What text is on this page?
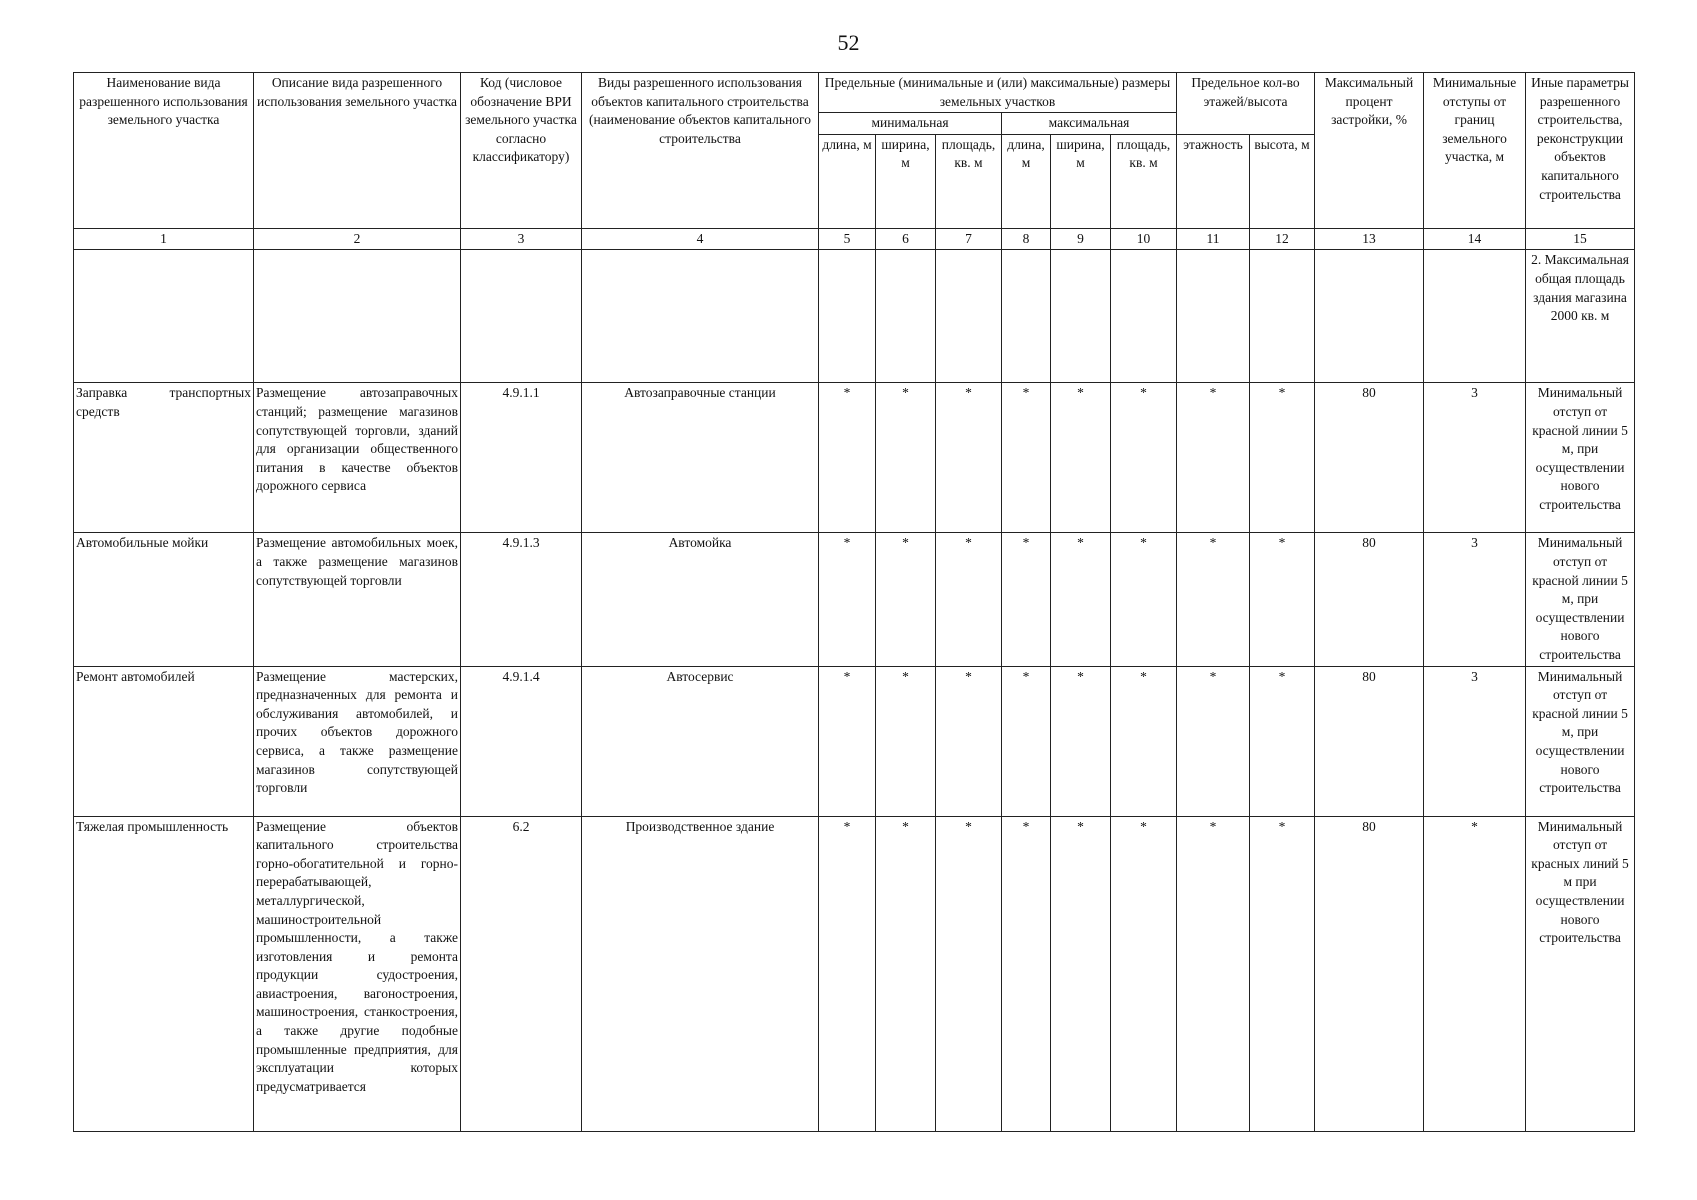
52
Наименование вида разрешенного использования земельного участка	Описание вида разрешенного использования земельного участка	Код (числовое обозначение ВРИ земельного участка согласно классификатору)	Виды разрешенного использования объектов капитального строительства (наименование объектов капитального строительства	Предельные (минимальные и (или) максимальные) размеры земельных участков						Предельное кол-во этажей/высота		Максимальный процент застройки, %	Минимальные отступы от границ земельного участка, м	Иные параметры разрешенного строительства, реконструкции объектов капитального строительства
				минимальная			максимальная							
				длина, м	ширина, м	площадь, кв. м	длина, м	ширина, м	площадь, кв. м	этажность	высота, м			
1	2	3	4	5	6	7	8	9	10	11	12	13	14	15
														2. Максимальная общая площадь здания магазина 2000 кв. м
Заправка транспортных средств	Размещение автозаправочных станций; размещение магазинов сопутствующей торговли, зданий для организации общественного питания в качестве объектов дорожного сервиса	4.9.1.1	Автозаправочные станции	*	*	*	*	*	*	*	*	80	3	Минимальный отступ от красной линии 5 м, при осуществлении нового строительства
Автомобильные мойки	Размещение автомобильных моек, а также размещение магазинов сопутствующей торговли	4.9.1.3	Автомойка	*	*	*	*	*	*	*	*	80	3	Минимальный отступ от красной линии 5 м, при осуществлении нового строительства
Ремонт автомобилей	Размещение мастерских, предназначенных для ремонта и обслуживания автомобилей, и прочих объектов дорожного сервиса, а также размещение магазинов сопутствующей торговли	4.9.1.4	Автосервис	*	*	*	*	*	*	*	*	80	3	Минимальный отступ от красной линии 5 м, при осуществлении нового строительства
Тяжелая промышленность	Размещение объектов капитального строительства горно-обогатительной и горно-перерабатывающей, металлургической, машиностроительной промышленности, а также изготовления и ремонта продукции судостроения, авиастроения, вагоностроения, машиностроения, станкостроения, а также другие подобные промышленные предприятия, для эксплуатации которых предусматривается	6.2	Производственное здание	*	*	*	*	*	*	*	*	80	*	Минимальный отступ от красных линий 5 м при осуществлении нового строительства
